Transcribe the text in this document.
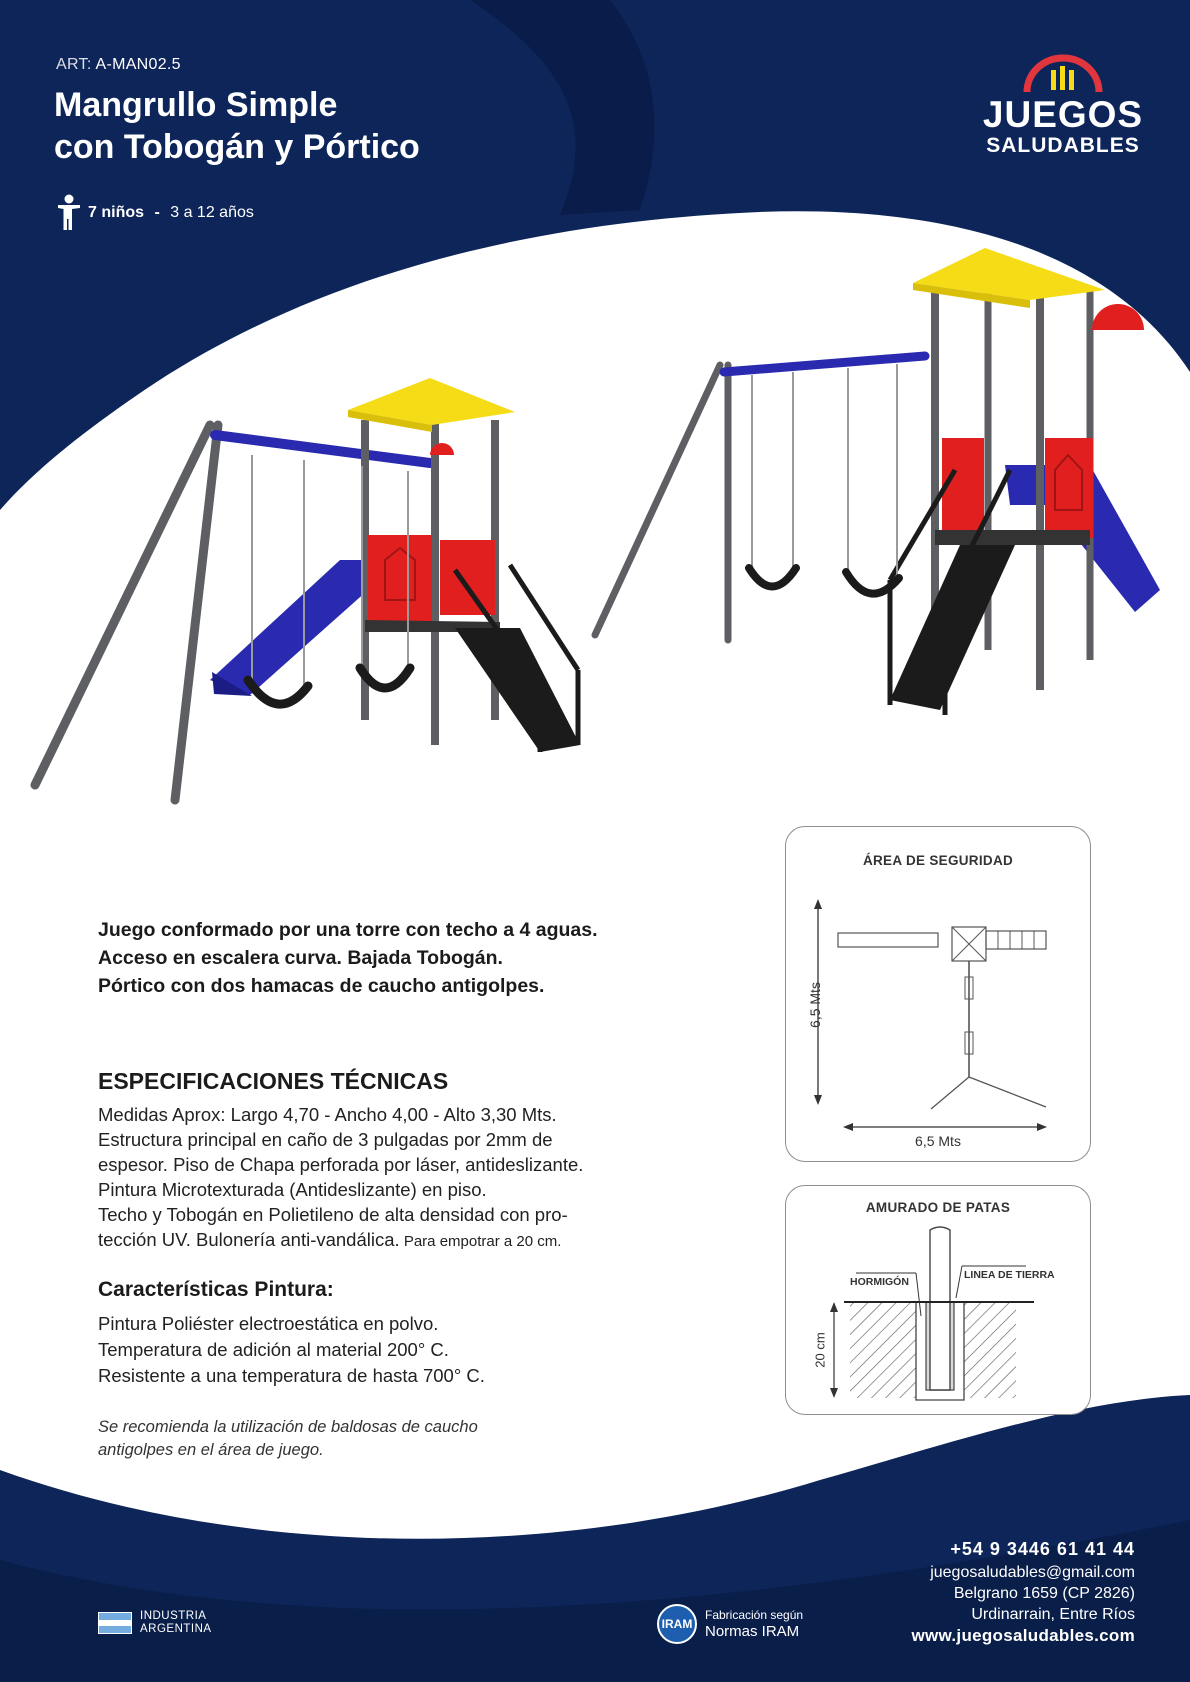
ART: A-MAN02.5
Mangrullo Simple
con Tobogán y Pórtico
7 niños - 3 a 12 años
JUEGOS
SALUDABLES
Juego conformado por una torre con techo a 4 aguas.
Acceso en escalera curva. Bajada Tobogán.
Pórtico con dos hamacas de caucho antigolpes.
ESPECIFICACIONES TÉCNICAS
Medidas Aprox: Largo 4,70 - Ancho 4,00 - Alto 3,30 Mts.
Estructura principal en caño de 3 pulgadas por 2mm de
espesor. Piso de Chapa perforada por láser, antideslizante.
Pintura Microtexturada (Antideslizante) en piso.
Techo y Tobogán en Polietileno de alta densidad con pro-
tección UV. Bulonería anti-vandálica. Para empotrar a 20 cm.
Características Pintura:
Pintura Poliéster electroestática en polvo.
Temperatura de adición al material 200° C.
Resistente a una temperatura de hasta 700° C.
Se recomienda la utilización de baldosas de caucho
antigolpes en el área de juego.
ÁREA DE SEGURIDAD
6,5 Mts
6,5 Mts
AMURADO DE PATAS
HORMIGÓN
LINEA DE TIERRA
20 cm
+54 9 3446 61 41 44
juegosaludables@gmail.com
Belgrano 1659 (CP 2826)
Urdinarrain, Entre Ríos
www.juegosaludables.com
INDUSTRIA
ARGENTINA	IRAM
Fabricación según
Normas IRAM
